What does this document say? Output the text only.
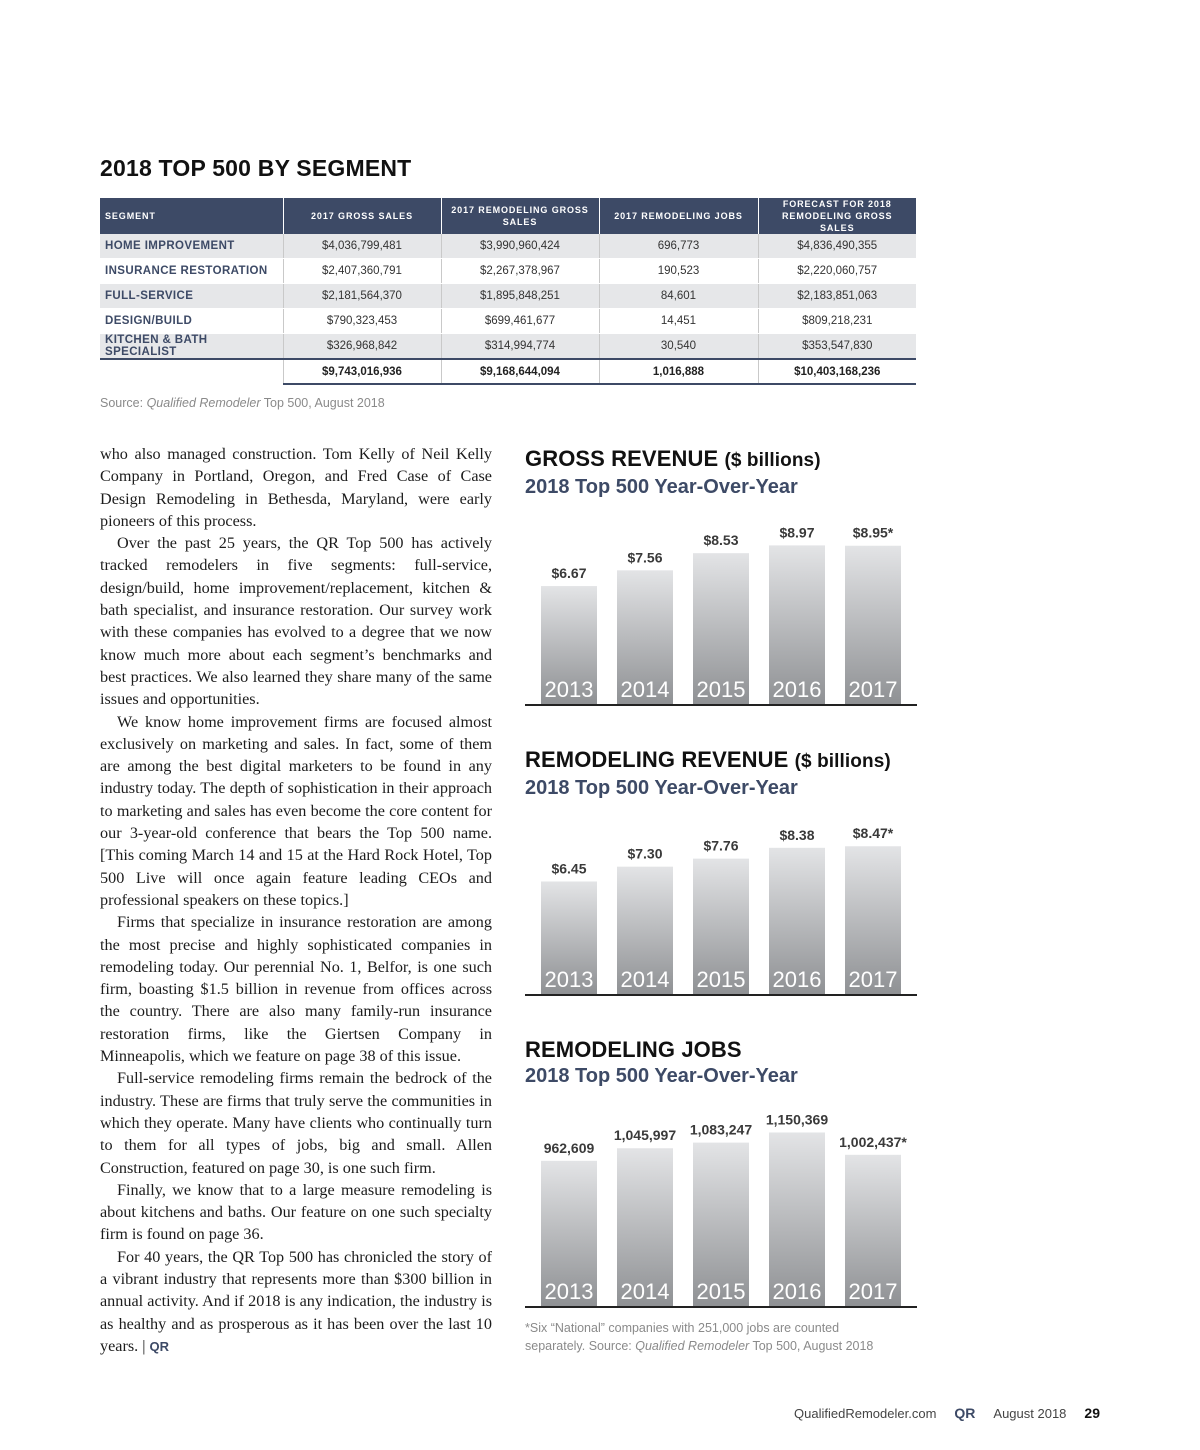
2018 TOP 500 BY SEGMENT
SEGMENT	2017 GROSS SALES	2017 REMODELING GROSS SALES	2017 REMODELING JOBS	FORECAST FOR 2018 REMODELING GROSS SALES
HOME IMPROVEMENT	$4,036,799,481	$3,990,960,424	696,773	$4,836,490,355
INSURANCE RESTORATION	$2,407,360,791	$2,267,378,967	190,523	$2,220,060,757
FULL-SERVICE	$2,181,564,370	$1,895,848,251	84,601	$2,183,851,063
DESIGN/BUILD	$790,323,453	$699,461,677	14,451	$809,218,231
KITCHEN & BATH SPECIALIST	$326,968,842	$314,994,774	30,540	$353,547,830
	$9,743,016,936	$9,168,644,094	1,016,888	$10,403,168,236
Source: Qualified Remodeler Top 500, August 2018

who also managed construction. Tom Kelly of Neil Kelly Company in Portland, Oregon, and Fred Case of Case Design Remodeling in Bethesda, Maryland, were early pioneers of this process.

Over the past 25 years, the QR Top 500 has actively tracked remodelers in five segments: full-service, design/build, home improvement/replacement, kitchen & bath specialist, and insurance restoration. Our survey work with these companies has evolved to a degree that we now know much more about each segment’s benchmarks and best practices. We also learned they share many of the same issues and opportunities.

We know home improvement firms are focused almost exclusively on marketing and sales. In fact, some of them are among the best digital marketers to be found in any industry today. The depth of sophistication in their approach to marketing and sales has even become the core content for our 3-year-old conference that bears the Top 500 name. [This coming March 14 and 15 at the Hard Rock Hotel, Top 500 Live will once again feature leading CEOs and professional speakers on these topics.]

Firms that specialize in insurance restoration are among the most precise and highly sophisticated companies in remodeling today. Our perennial No. 1, Belfor, is one such firm, boasting $1.5 billion in revenue from offices across the country. There are also many family-run insurance restoration firms, like the Giertsen Company in Minneapolis, which we feature on page 38 of this issue.

Full-service remodeling firms remain the bedrock of the industry. These are firms that truly serve the communities in which they operate. Many have clients who continually turn to them for all types of jobs, big and small. Allen Construction, featured on page 30, is one such firm.

Finally, we know that to a large measure remodeling is about kitchens and baths. Our feature on one such specialty firm is found on page 36.

For 40 years, the QR Top 500 has chronicled the story of a vibrant industry that represents more than $300 billion in annual activity. And if 2018 is any indication, the industry is as healthy and as prosperous as it has been over the last 10 years. | QR

GROSS REVENUE ($ billions)
2018 Top 500 Year-Over-Year
$6.67
2013
$7.56
2014
$8.53
2015
$8.97
2016
$8.95*
2017
REMODELING REVENUE ($ billions)
2018 Top 500 Year-Over-Year
$6.45
2013
$7.30
2014
$7.76
2015
$8.38
2016
$8.47*
2017
REMODELING JOBS
2018 Top 500 Year-Over-Year
962,609
2013
1,045,997
2014
1,083,247
2015
1,150,369
2016
1,002,437*
2017
*Six “National” companies with 251,000 jobs are counted
separately. Source: Qualified Remodeler Top 500, August 2018
QualifiedRemodeler.com QR August 2018 29
